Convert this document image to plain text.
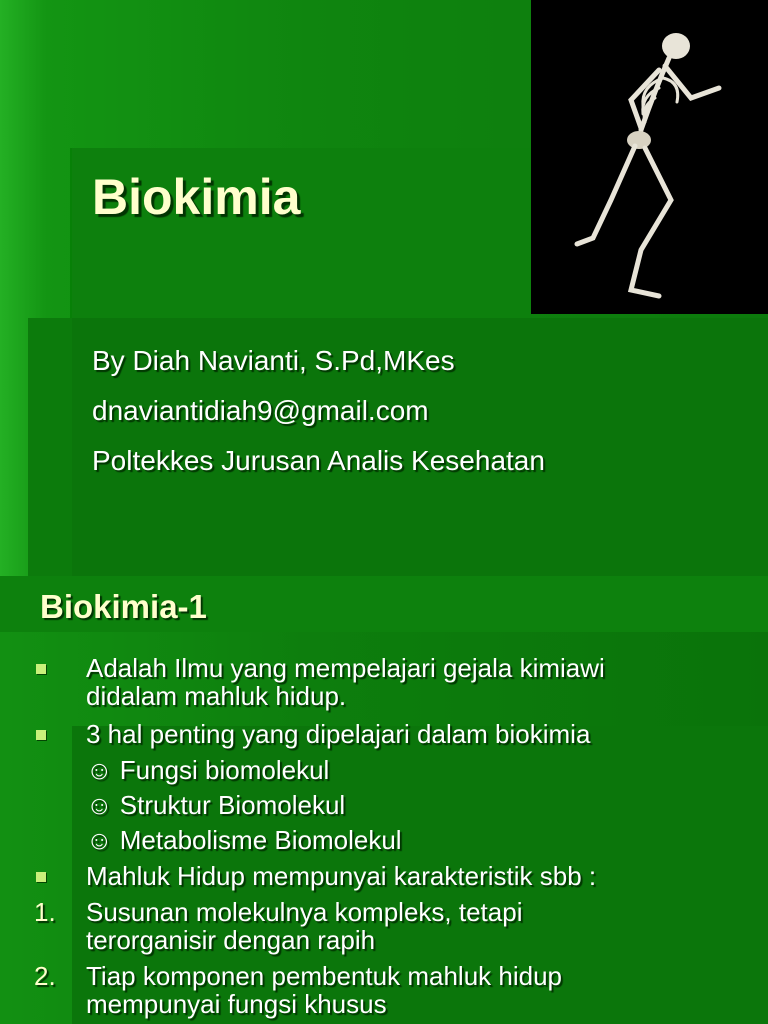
Biokimia
By Diah Navianti, S.Pd,MKes
dnaviantidiah9@gmail.com
Poltekkes Jurusan Analis Kesehatan
Biokimia-1
Adalah Ilmu yang mempelajari gejala kimiawi
didalam mahluk hidup.
3 hal penting yang dipelajari dalam biokimia
☺ Fungsi biomolekul
☺ Struktur Biomolekul
☺ Metabolisme Biomolekul
Mahluk Hidup mempunyai karakteristik sbb :
1.	Susunan molekulnya kompleks, tetapi
terorganisir dengan rapih
2.	Tiap komponen pembentuk mahluk hidup
mempunyai fungsi khusus
